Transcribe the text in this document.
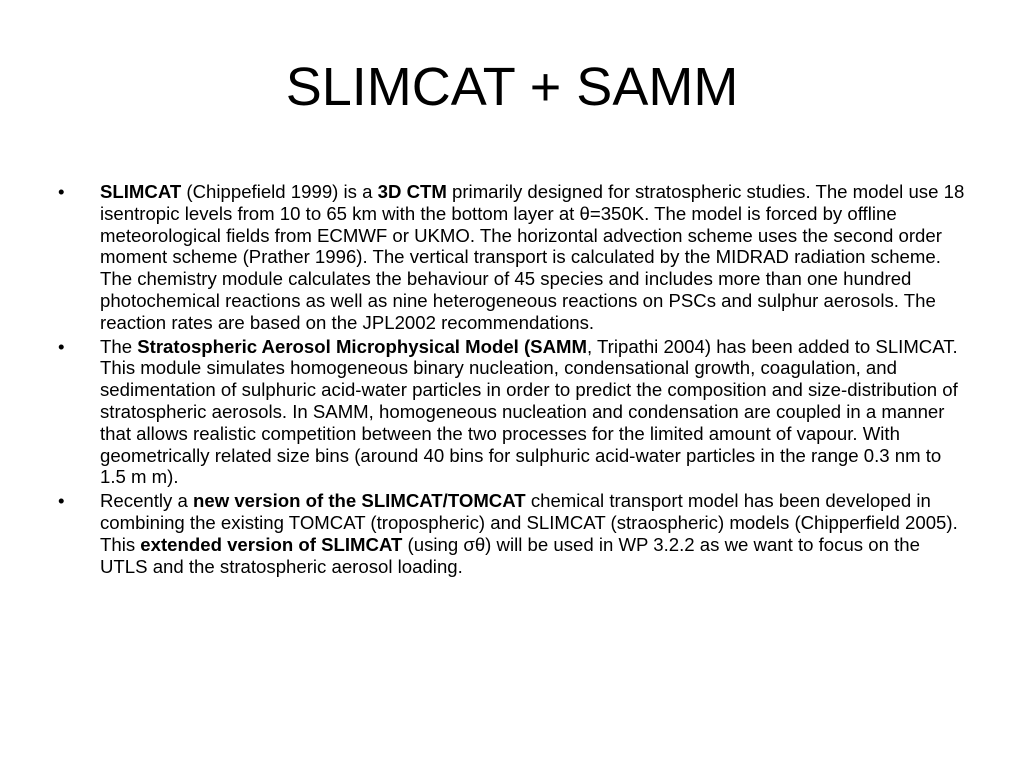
SLIMCAT + SAMM
• SLIMCAT (Chippefield 1999) is a 3D CTM primarily designed for stratospheric studies. The model use 18 isentropic levels from 10 to 65 km with the bottom layer at θ=350K. The model is forced by offline meteorological fields from ECMWF or UKMO. The horizontal advection scheme uses the second order moment scheme (Prather 1996). The vertical transport is calculated by the MIDRAD radiation scheme. The chemistry module calculates the behaviour of 45 species and includes more than one hundred photochemical reactions as well as nine heterogeneous reactions on PSCs and sulphur aerosols. The reaction rates are based on the JPL2002 recommendations.
• The Stratospheric Aerosol Microphysical Model (SAMM, Tripathi 2004) has been added to SLIMCAT. This module simulates homogeneous binary nucleation, condensational growth, coagulation, and sedimentation of sulphuric acid-water particles in order to predict the composition and size-distribution of stratospheric aerosols. In SAMM, homogeneous nucleation and condensation are coupled in a manner that allows realistic competition between the two processes for the limited amount of vapour. With geometrically related size bins (around 40 bins for sulphuric acid-water particles in the range 0.3 nm to 1.5 m m).
• Recently a new version of the SLIMCAT/TOMCAT chemical transport model has been developed in combining the existing TOMCAT (tropospheric) and SLIMCAT (straospheric) models (Chipperfield 2005). This extended version of SLIMCAT (using σθ) will be used in WP 3.2.2 as we want to focus on the UTLS and the stratospheric aerosol loading.
